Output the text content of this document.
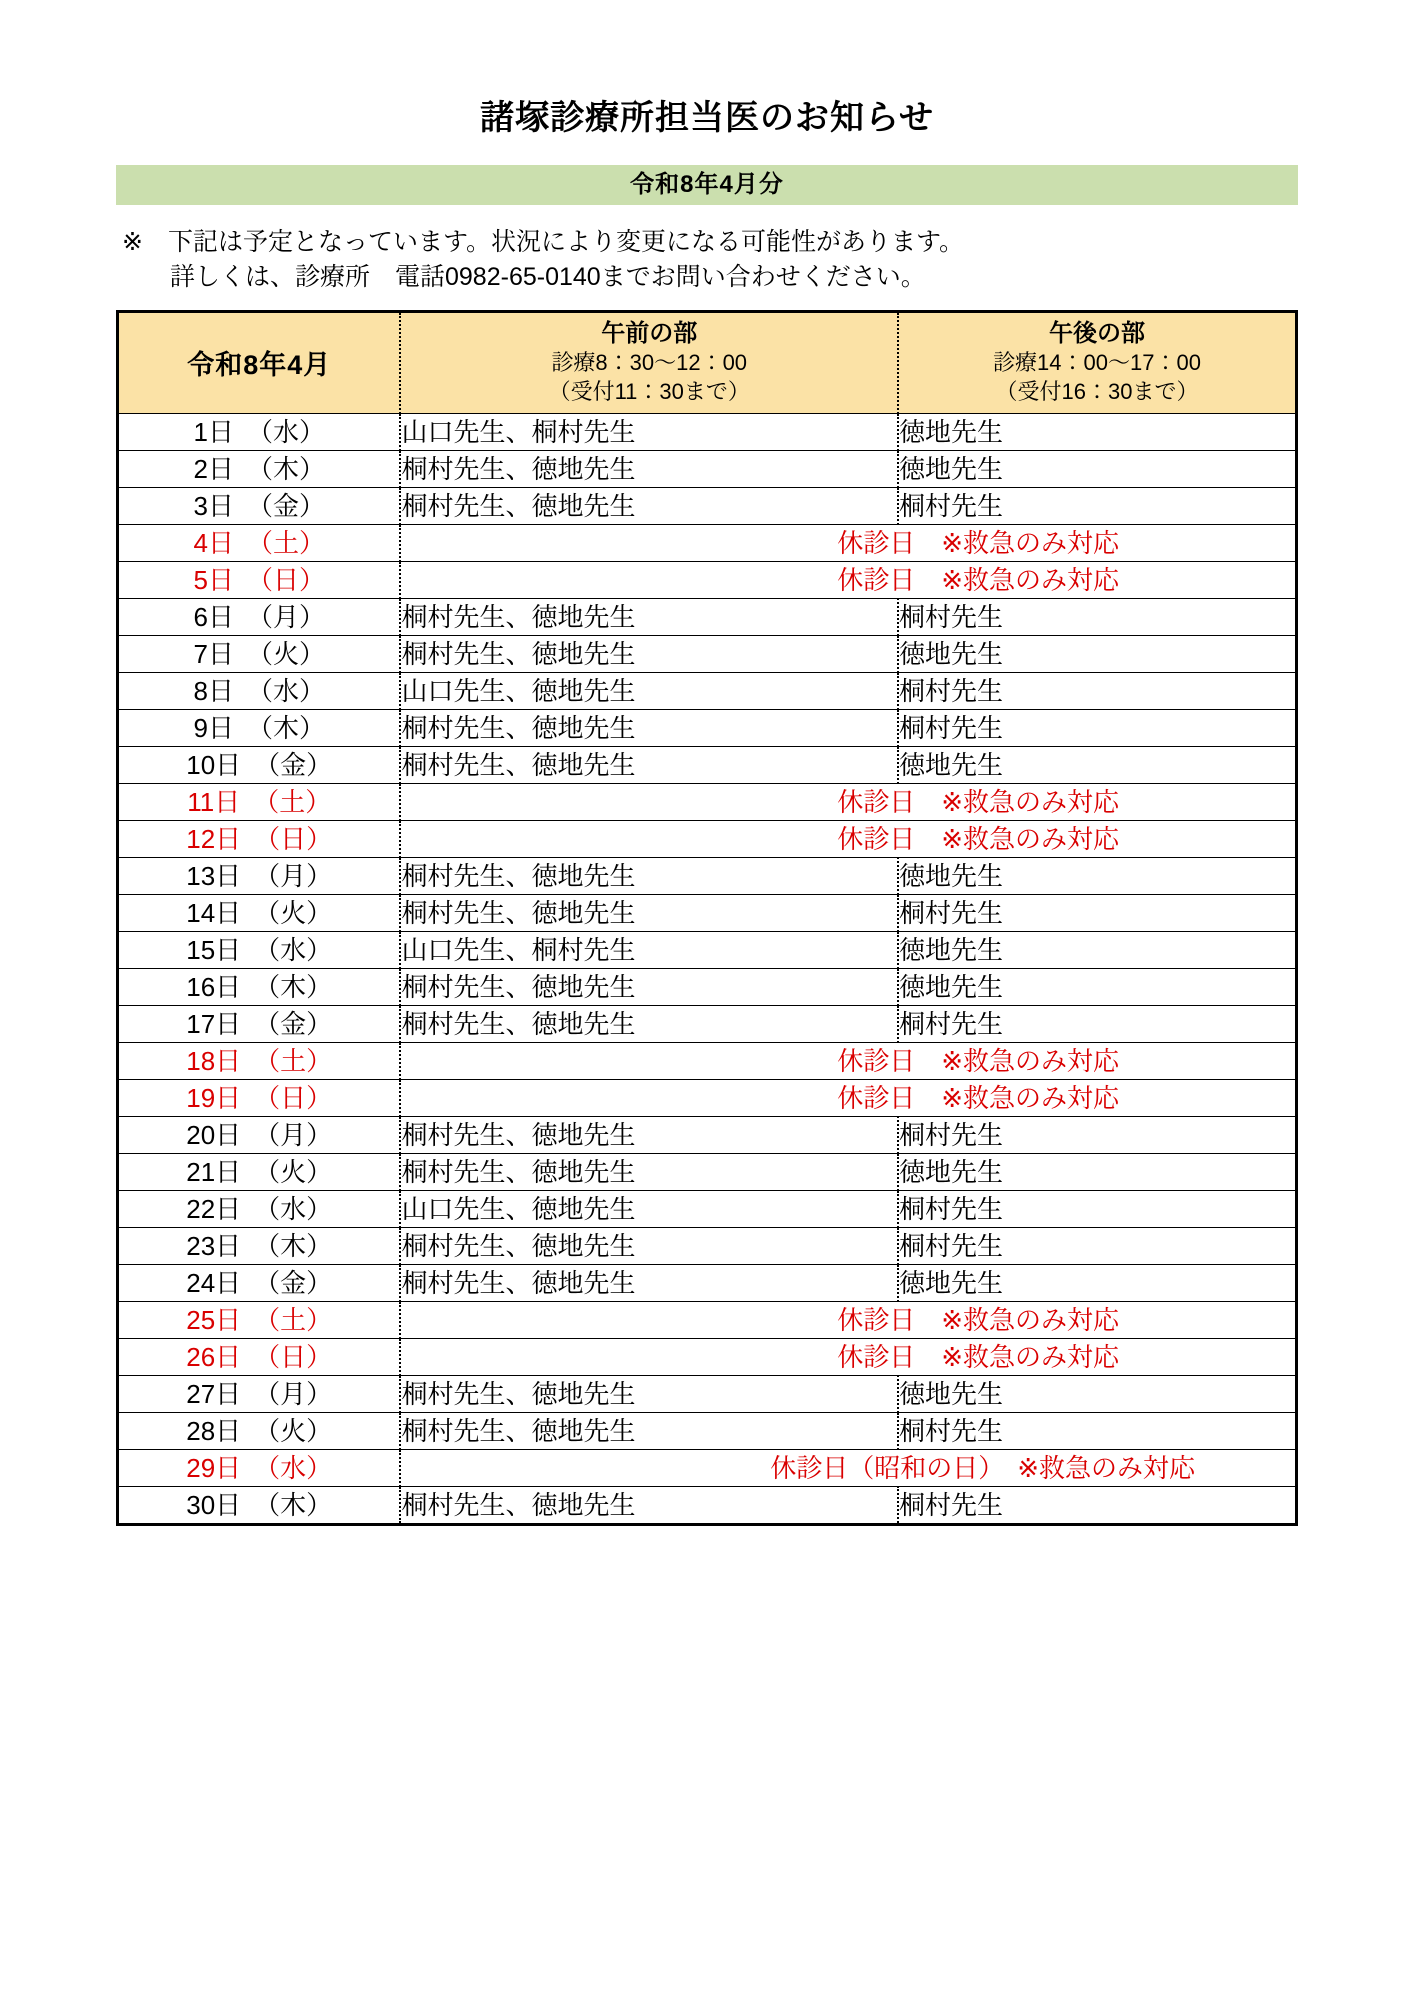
諸塚診療所担当医のお知らせ
令和8年4月分
※　下記は予定となっています。状況により変更になる可能性があります。
詳しくは、診療所　電話0982-65-0140までお問い合わせください。
令和8年4月

午前の部
診療8：30～12：00
（受付11：30まで）

午後の部
診療14：00～17：00
（受付16：30まで）

1日　（水）	山口先生、桐村先生	徳地先生
2日　（木）	桐村先生、徳地先生	徳地先生
3日　（金）	桐村先生、徳地先生	桐村先生
4日　（土）	休診日　※救急のみ対応	
5日　（日）	休診日　※救急のみ対応	
6日　（月）	桐村先生、徳地先生	桐村先生
7日　（火）	桐村先生、徳地先生	徳地先生
8日　（水）	山口先生、徳地先生	桐村先生
9日　（木）	桐村先生、徳地先生	桐村先生
10日　（金）	桐村先生、徳地先生	徳地先生
11日　（土）	休診日　※救急のみ対応	
12日　（日）	休診日　※救急のみ対応	
13日　（月）	桐村先生、徳地先生	徳地先生
14日　（火）	桐村先生、徳地先生	桐村先生
15日　（水）	山口先生、桐村先生	徳地先生
16日　（木）	桐村先生、徳地先生	徳地先生
17日　（金）	桐村先生、徳地先生	桐村先生
18日　（土）	休診日　※救急のみ対応	
19日　（日）	休診日　※救急のみ対応	
20日　（月）	桐村先生、徳地先生	桐村先生
21日　（火）	桐村先生、徳地先生	徳地先生
22日　（水）	山口先生、徳地先生	桐村先生
23日　（木）	桐村先生、徳地先生	桐村先生
24日　（金）	桐村先生、徳地先生	徳地先生
25日　（土）	休診日　※救急のみ対応	
26日　（日）	休診日　※救急のみ対応	
27日　（月）	桐村先生、徳地先生	徳地先生
28日　（火）	桐村先生、徳地先生	桐村先生
29日　（水）	休診日（昭和の日）　※救急のみ対応	
30日　（木）	桐村先生、徳地先生	桐村先生
